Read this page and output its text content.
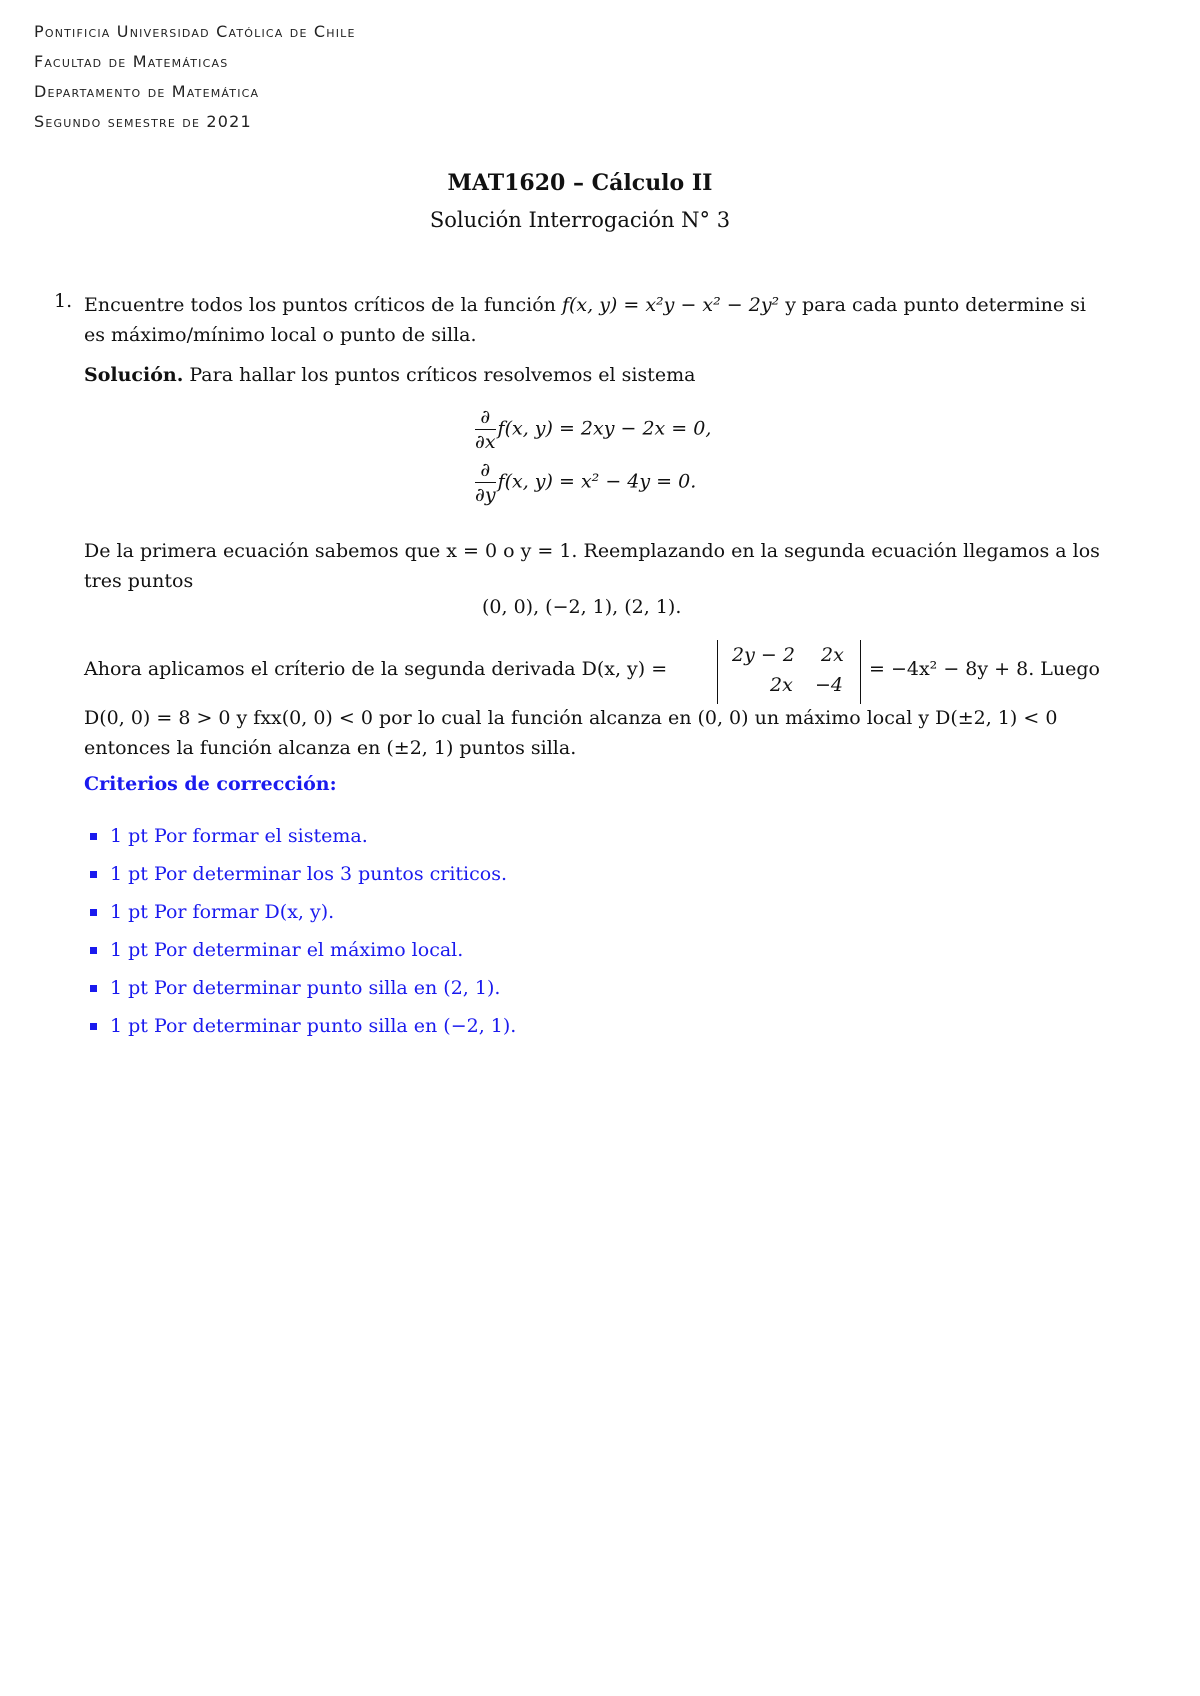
Pontificia Universidad Católica de Chile
Facultad de Matemáticas
Departamento de Matemática
Segundo semestre de 2021
MAT1620 – Cálculo II
Solución Interrogación N° 3
1. Encuentre todos los puntos críticos de la función f(x, y) = x²y − x² − 2y² y para cada punto determine si
es máximo/mínimo local o punto de silla.
Solución. Para hallar los puntos críticos resolvemos el sistema
$\frac{\partial}{\partial x} f(x$, y) = 2xy − 2x = 0,
$\frac{\partial}{\partial y} f(x$, y) = x² − 4y = 0.
De la primera ecuación sabemos que x = 0 o y = 1. Reemplazando en la segunda ecuación llegamos a los
tres puntos
(0, 0), (−2, 1), (2, 1).
Ahora aplicamos el críterio de la segunda derivada D(x, y) =
2y − 2 2x
2x −4
= −4x² − 8y + 8. Luego
D(0, 0) = 8 > 0 y fxx(0, 0) < 0 por lo cual la función alcanza en (0, 0) un máximo local y D(±2, 1) < 0
entonces la función alcanza en (±2, 1) puntos silla.
Criterios de corrección:
1 pt Por formar el sistema.
1 pt Por determinar los 3 puntos criticos.
1 pt Por formar D(x, y).
1 pt Por determinar el máximo local.
1 pt Por determinar punto silla en (2, 1).
1 pt Por determinar punto silla en (−2, 1).
